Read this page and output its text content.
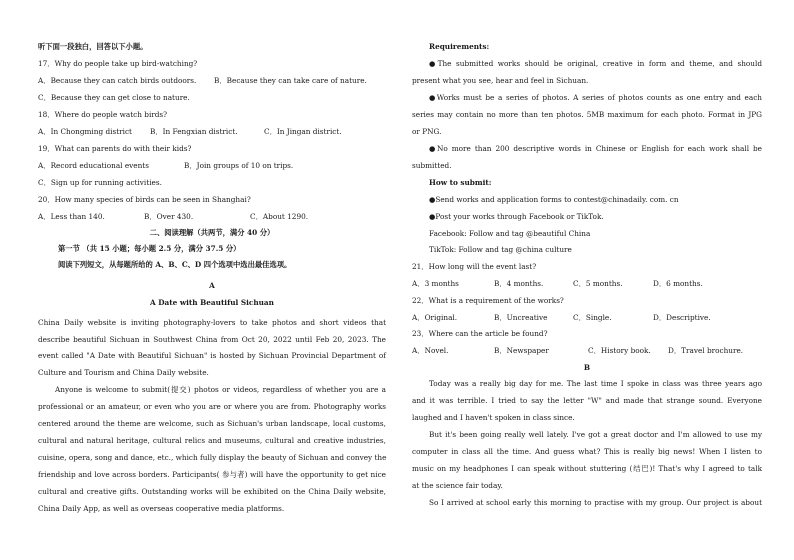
听下面一段独白，回答以下小题。
17．Why do people take up bird-watching?
A．Because they can catch birds outdoors. B．Because they can take care of nature.
C．Because they can get close to nature.
18．Where do people watch birds?
A．In Chongming district B．In Fengxian district.	C．In Jingan district.
19．What can parents do with their kids?
A．Record educational events	B．Join groups of 10 on trips.
C．Sign up for running activities.
20．How many species of birds can be seen in Shanghai?
A．Less than 140.	B．Over 430.	C．About 1290.
二、阅读理解（共两节，满分 40 分）
第一节 （共 15 小题；每小题 2.5 分，满分 37.5 分）
阅读下列短文，从每题所给的 A、B、C、D 四个选项中选出最佳选项。
A
A Date with Beautiful Sichuan
China Daily website is inviting photography-lovers to take photos and short videos that
describe beautiful Sichuan in Southwest China from Oct 20, 2022 until Feb 20, 2023. The
event called "A Date with Beautiful Sichuan" is hosted by Sichuan Provincial Department of
Culture and Tourism and China Daily website.
Anyone is welcome to submit(提交) photos or videos, regardless of whether you are a
professional or an amateur, or even who you are or where you are from. Photography works
centered around the theme are welcome, such as Sichuan's urban landscape, local customs,
cultural and natural heritage, cultural relics and museums, cultural and creative industries,
cuisine, opera, song and dance, etc., which fully display the beauty of Sichuan and convey the
friendship and love across borders. Participants( 参与者) will have the opportunity to get nice
cultural and creative gifts. Outstanding works will be exhibited on the China Daily website,
China Daily App, as well as overseas cooperative media platforms.
Requirements:
●The submitted works should be original, creative in form and theme, and should
present what you see, hear and feel in Sichuan.
●Works must be a series of photos. A series of photos counts as one entry and each
series may contain no more than ten photos. 5MB maximum for each photo. Format in JPG
or PNG.
●No more than 200 descriptive words in Chinese or English for each work shall be
submitted.
How to submit:
●Send works and application forms to contest@chinadaily. com. cn
●Post your works through Facebook or TikTok.
Facebook: Follow and tag @beautiful China
TikTok: Follow and tag @china culture
21．How long will the event last?
A．3 months	B．4 months.	C．5 months.	D．6 months.
22．What is a requirement of the works?
A．Original.	B．Uncreative	C．Single.	D．Descriptive.
23．Where can the article be found?
A．Novel.	B．Newspaper	C．History book. D．Travel brochure.
B
Today was a really big day for me. The last time I spoke in class was three years ago
and it was terrible. I tried to say the letter "W" and made that strange sound. Everyone
laughed and I haven't spoken in class since.
But it's been going really well lately. I've got a great doctor and I'm allowed to use my
computer in class all the time. And guess what? This is really big news! When I listen to
music on my headphones I can speak without stuttering (结巴)! That's why I agreed to talk
at the science fair today.
So I arrived at school early this morning to practise with my group. Our project is about
